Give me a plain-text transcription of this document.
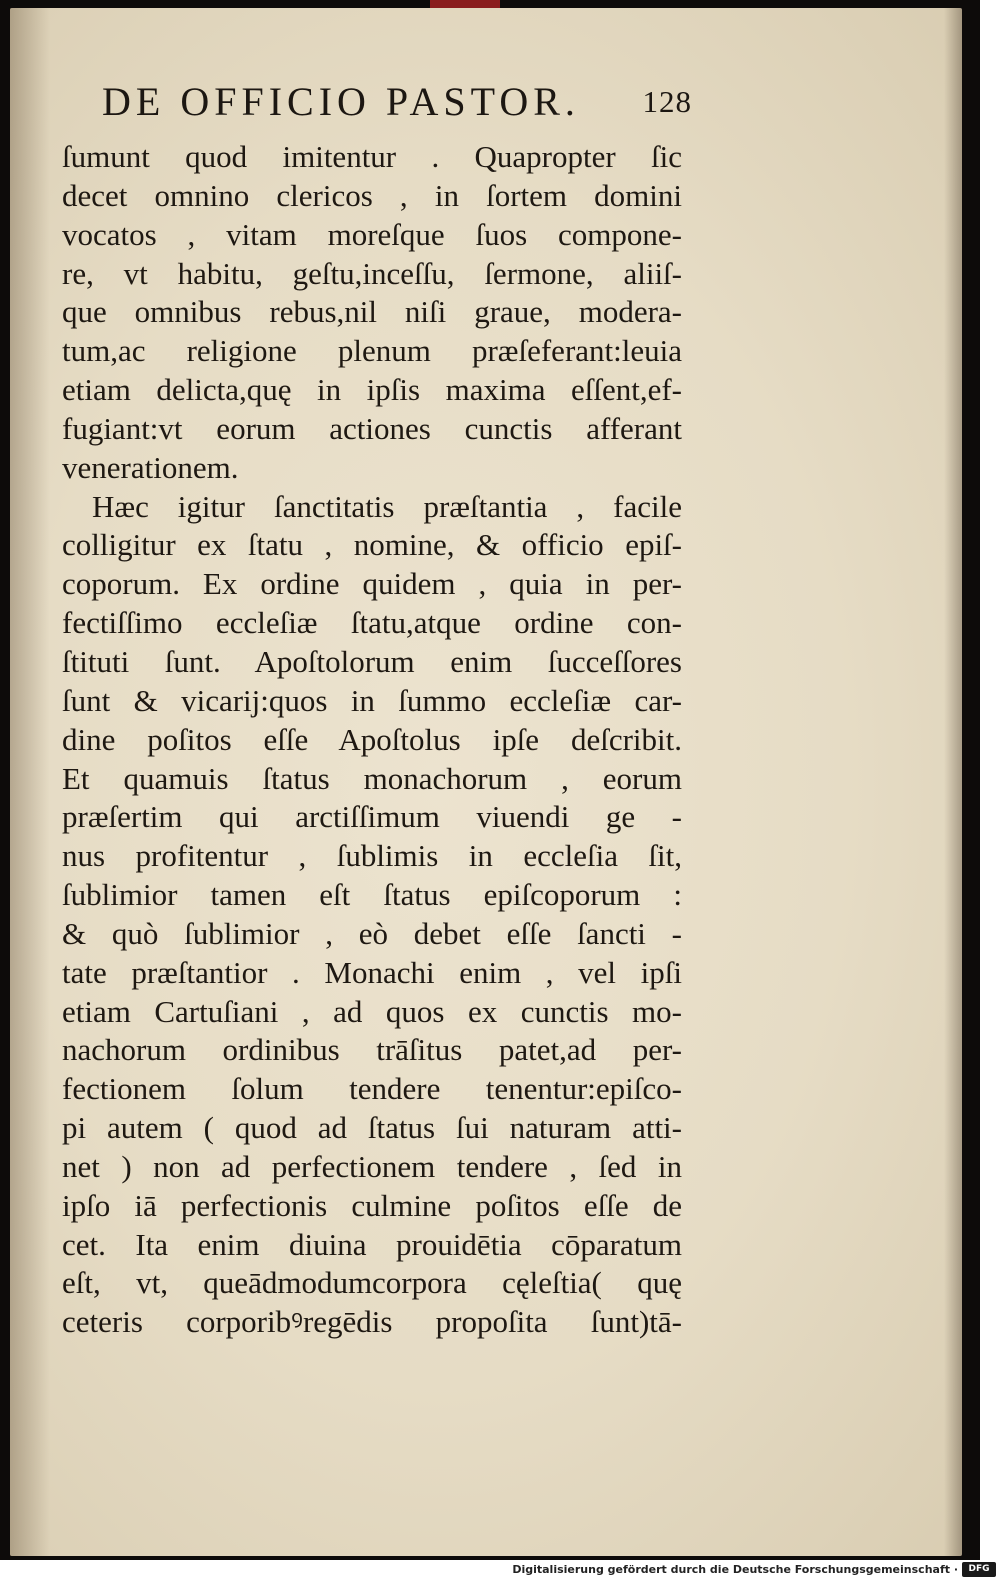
DE OFFICIO PASTOR. 128
ſumunt quod imitentur . Quapropter ſic
decet omnino clericos , in ſortem domini
vocatos , vitam moreſque ſuos compone-
re, vt habitu, geſtu,inceſſu, ſermone, aliiſ-
que omnibus rebus,nil niſi graue, modera-
tum,ac religione plenum præſeferant:leuia
etiam delicta,quę in ipſis maxima eſſent,ef-
fugiant:vt eorum actiones cunctis afferant
venerationem.
Hæc igitur ſanctitatis præſtantia , facile
colligitur ex ſtatu , nomine, & officio epiſ-
coporum. Ex ordine quidem , quia in per-
fectiſſimo eccleſiæ ſtatu,atque ordine con-
ſtituti ſunt. Apoſtolorum enim ſucceſſores
ſunt & vicarij:quos in ſummo eccleſiæ car-
dine poſitos eſſe Apoſtolus ipſe deſcribit.
Et quamuis ſtatus monachorum , eorum
præſertim qui arctiſſimum viuendi ge -
nus profitentur , ſublimis in eccleſia ſit,
ſublimior tamen eſt ſtatus epiſcoporum :
& quò ſublimior , eò debet eſſe ſancti -
tate præſtantior . Monachi enim , vel ipſi
etiam Cartuſiani , ad quos ex cunctis mo-
nachorum ordinibus trāſitus patet,ad per-
fectionem ſolum tendere tenentur:epiſco-
pi autem ( quod ad ſtatus ſui naturam atti-
net ) non ad perfectionem tendere , ſed in
ipſo iā perfectionis culmine poſitos eſſe de
cet. Ita enim diuina prouidētia cōparatum
eſt, vt, queādmodumcorpora cęleſtia( quę
ceteris corporibꝰregēdis propoſita ſunt)tā-
Digitalisierung gefördert durch die Deutsche Forschungsgemeinschaft ·	DFG
